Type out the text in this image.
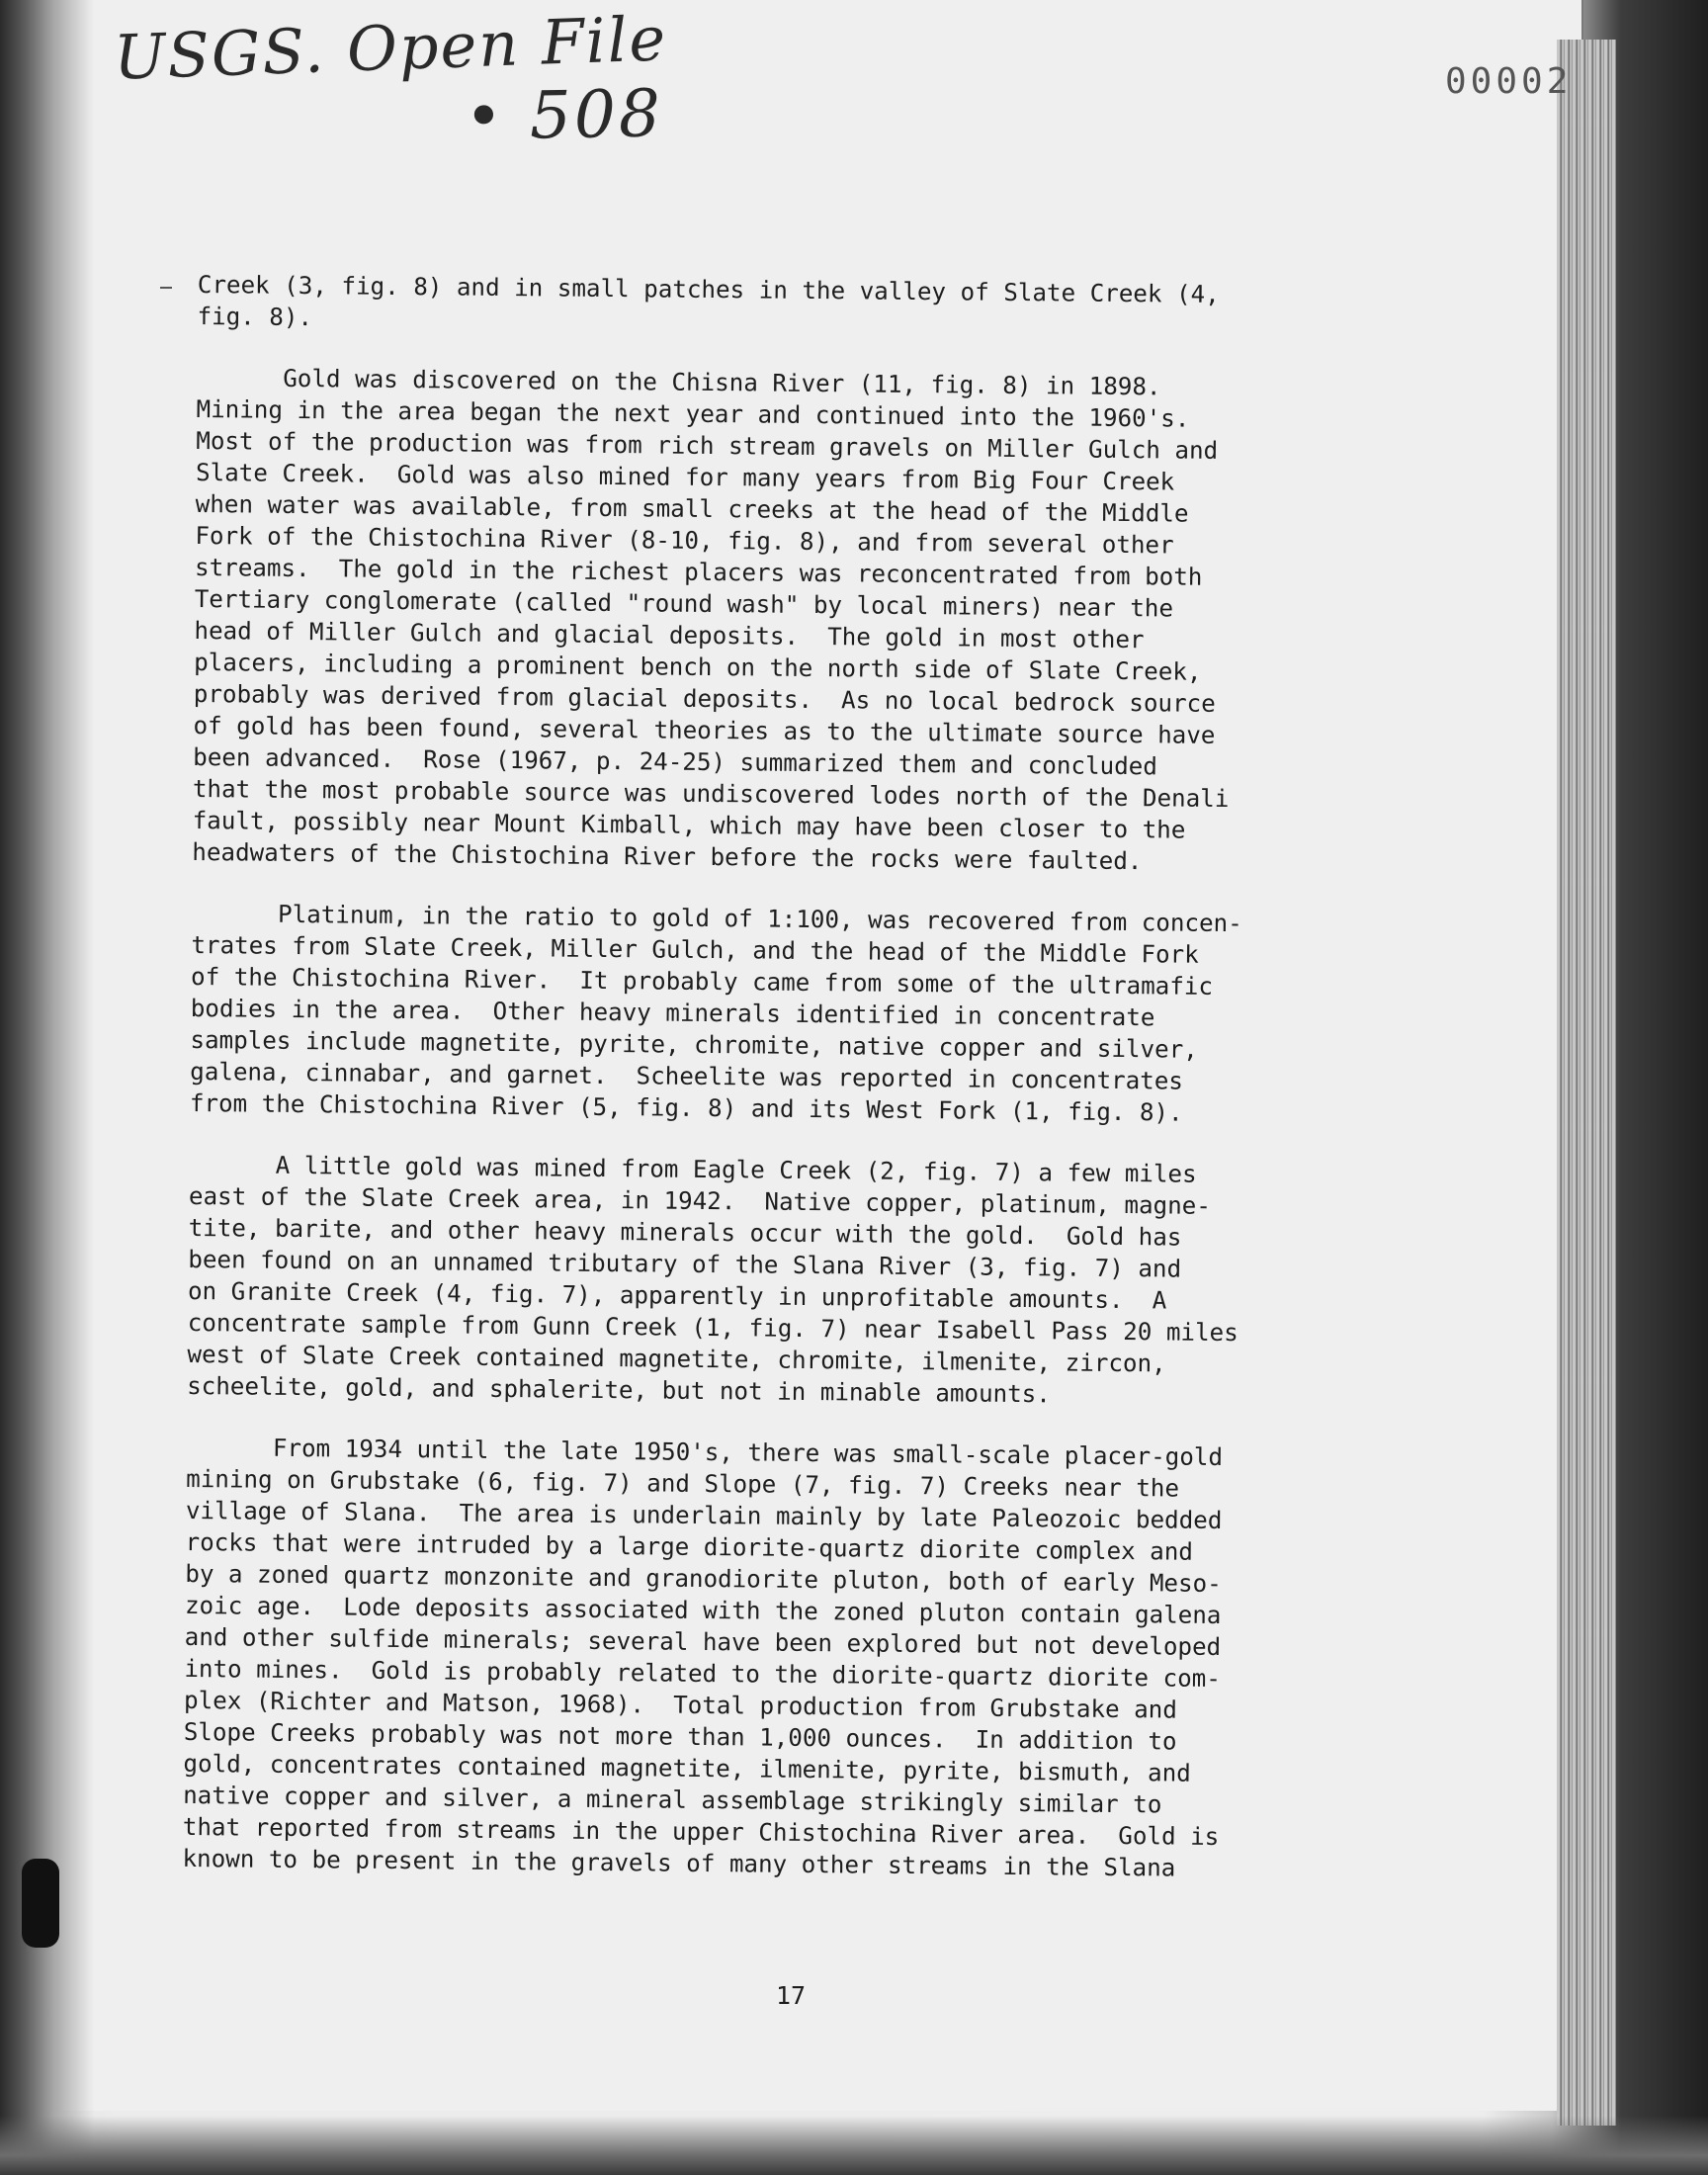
USGS. Open File
• 508	00002

Creek (3, fig. 8) and in small patches in the valley of Slate Creek (4,
fig. 8).

Gold was discovered on the Chisna River (11, fig. 8) in 1898.
Mining in the area began the next year and continued into the 1960's.
Most of the production was from rich stream gravels on Miller Gulch and
Slate Creek.  Gold was also mined for many years from Big Four Creek
when water was available, from small creeks at the head of the Middle
Fork of the Chistochina River (8-10, fig. 8), and from several other
streams.  The gold in the richest placers was reconcentrated from both
Tertiary conglomerate (called "round wash" by local miners) near the
head of Miller Gulch and glacial deposits.  The gold in most other
placers, including a prominent bench on the north side of Slate Creek,
probably was derived from glacial deposits.  As no local bedrock source
of gold has been found, several theories as to the ultimate source have
been advanced.  Rose (1967, p. 24-25) summarized them and concluded
that the most probable source was undiscovered lodes north of the Denali
fault, possibly near Mount Kimball, which may have been closer to the
headwaters of the Chistochina River before the rocks were faulted.

Platinum, in the ratio to gold of 1:100, was recovered from concen-
trates from Slate Creek, Miller Gulch, and the head of the Middle Fork
of the Chistochina River.  It probably came from some of the ultramafic
bodies in the area.  Other heavy minerals identified in concentrate
samples include magnetite, pyrite, chromite, native copper and silver,
galena, cinnabar, and garnet.  Scheelite was reported in concentrates
from the Chistochina River (5, fig. 8) and its West Fork (1, fig. 8).

A little gold was mined from Eagle Creek (2, fig. 7) a few miles
east of the Slate Creek area, in 1942.  Native copper, platinum, magne-
tite, barite, and other heavy minerals occur with the gold.  Gold has
been found on an unnamed tributary of the Slana River (3, fig. 7) and
on Granite Creek (4, fig. 7), apparently in unprofitable amounts.  A
concentrate sample from Gunn Creek (1, fig. 7) near Isabell Pass 20 miles
west of Slate Creek contained magnetite, chromite, ilmenite, zircon,
scheelite, gold, and sphalerite, but not in minable amounts.

From 1934 until the late 1950's, there was small-scale placer-gold
mining on Grubstake (6, fig. 7) and Slope (7, fig. 7) Creeks near the
village of Slana.  The area is underlain mainly by late Paleozoic bedded
rocks that were intruded by a large diorite-quartz diorite complex and
by a zoned quartz monzonite and granodiorite pluton, both of early Meso-
zoic age.  Lode deposits associated with the zoned pluton contain galena
and other sulfide minerals; several have been explored but not developed
into mines.  Gold is probably related to the diorite-quartz diorite com-
plex (Richter and Matson, 1968).  Total production from Grubstake and
Slope Creeks probably was not more than 1,000 ounces.  In addition to
gold, concentrates contained magnetite, ilmenite, pyrite, bismuth, and
native copper and silver, a mineral assemblage strikingly similar to
that reported from streams in the upper Chistochina River area.  Gold is
known to be present in the gravels of many other streams in the Slana

17
